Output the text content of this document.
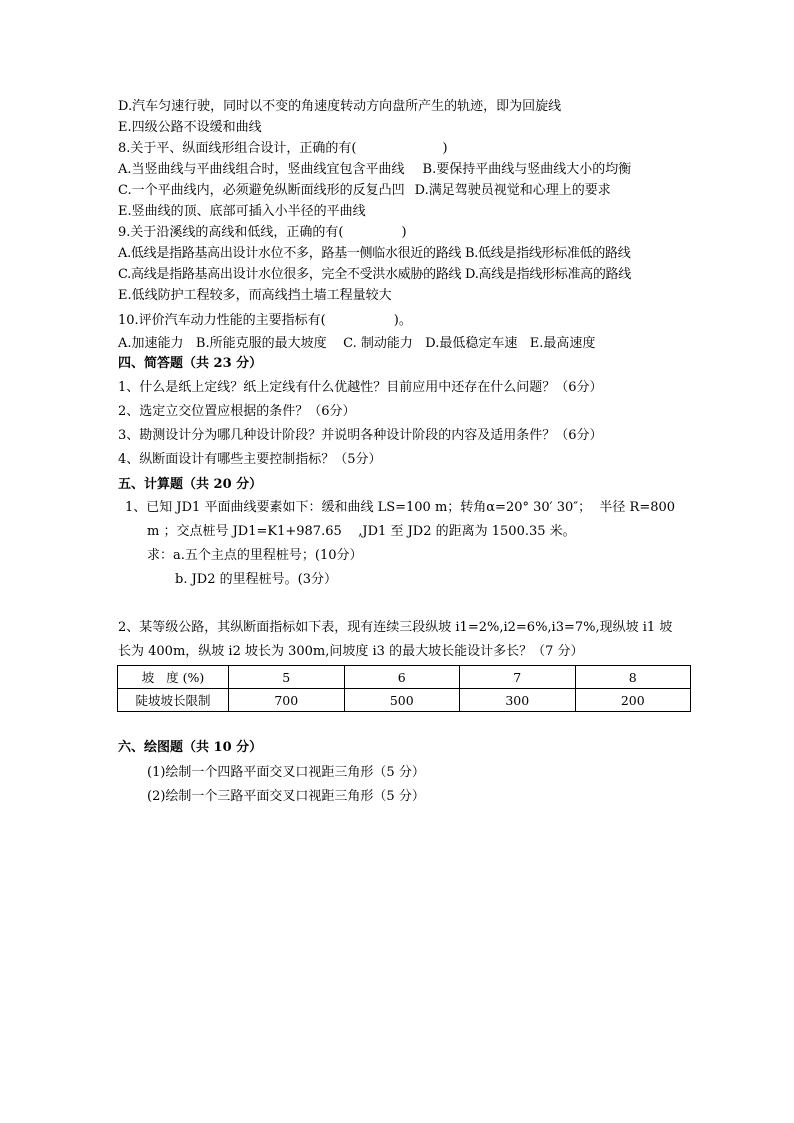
D.汽车匀速行驶，同时以不变的角速度转动方向盘所产生的轨迹，即为回旋线
E.四级公路不设缓和曲线
8.关于平、纵面线形组合设计，正确的有(	)
A.当竖曲线与平曲线组合时，竖曲线宜包含平曲线 B.要保持平曲线与竖曲线大小的均衡
C.一个平曲线内，必须避免纵断面线形的反复凸凹 D.满足驾驶员视觉和心理上的要求
E.竖曲线的顶、底部可插入小半径的平曲线
9.关于沿溪线的高线和低线，正确的有(	)
A.低线是指路基高出设计水位不多，路基一侧临水很近的路线 B.低线是指线形标准低的路线
C.高线是指路基高出设计水位很多，完全不受洪水威胁的路线 D.高线是指线形标准高的路线
E.低线防护工程较多，而高线挡土墙工程量较大
10.评价汽车动力性能的主要指标有(	)。
A.加速能力   B.所能克服的最大坡度    C. 制动能力   D.最低稳定车速   E.最高速度
四、简答题（共 23 分）
1、什么是纸上定线？纸上定线有什么优越性？目前应用中还存在什么问题？（6分）
2、选定立交位置应根据的条件？（6分）
3、勘测设计分为哪几种设计阶段？并说明各种设计阶段的内容及适用条件？（6分）
4、纵断面设计有哪些主要控制指标？（5分）
五、计算题（共 20 分）
1、已知 JD1 平面曲线要素如下：缓和曲线 LS=100 m；转角α=20° 30′ 30″；  半径 R=800
m ；交点桩号 JD1=K1+987.65    ,JD1 至 JD2 的距离为 1500.35 米。
求：a.五个主点的里程桩号；(10分）
b. JD2 的里程桩号。(3分）
2、某等级公路，其纵断面指标如下表，现有连续三段纵坡 i1=2%,i2=6%,i3=7%,现纵坡 i1 坡
长为 400m，纵坡 i2 坡长为 300m,问坡度 i3 的最大坡长能设计多长？（7 分）
坡   度 (%)	5	6	7	8
陡坡坡长限制	700	500	300	200
六、绘图题（共 10 分）
(1)绘制一个四路平面交叉口视距三角形（5 分）
(2)绘制一个三路平面交叉口视距三角形（5 分）
